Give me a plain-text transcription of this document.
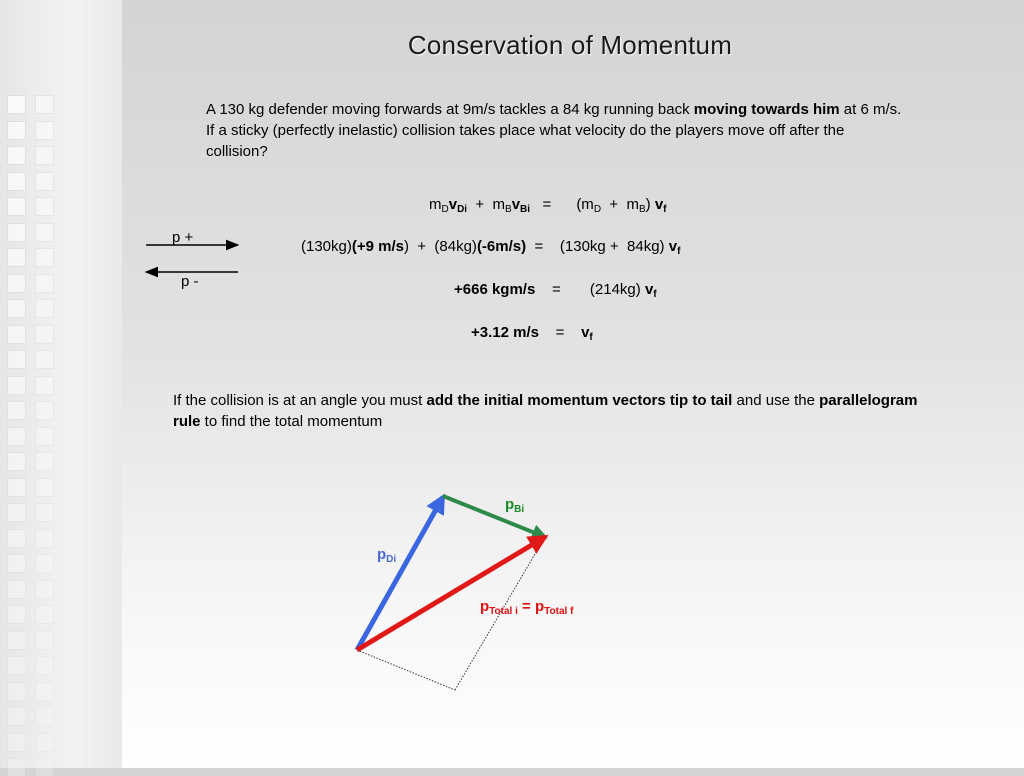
Conservation of Momentum
A 130 kg defender moving forwards at 9m/s tackles a 84 kg running back moving towards him at 6 m/s. If a sticky (perfectly inelastic) collision takes place what velocity do the players move off after the collision?
p +
p -
$m_Dv_{Di} + m_Bv_{Bi}$   =      $(m_D + m_B)$ $v_f$
(130kg)(+9 m/s)  +  (84kg)(-6m/s)  =    (130kg +  84kg) $v_f$
+666 kgm/s    =       (214kg) $v_f$
+3.12 m/s    =    $v_f$
If the collision is at an angle you must add the initial momentum vectors tip to tail and use the parallelogram rule to find the total momentum
$p_{Bi}$
$p_{Di}$
$p_{Total i} = p_{Total f}$
